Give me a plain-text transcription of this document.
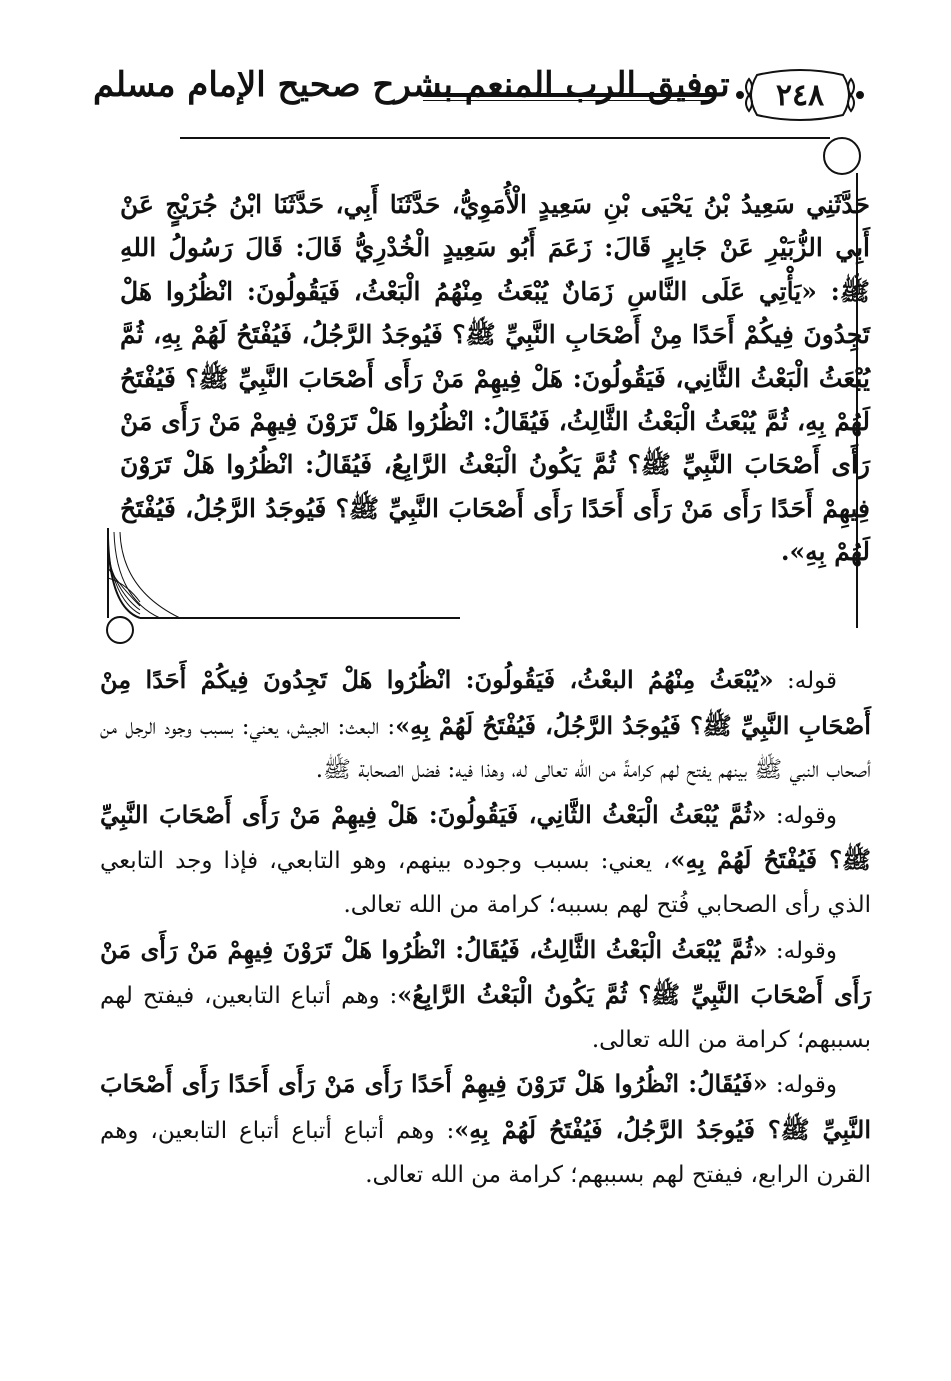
توفيق الرب المنعم بشرح صحيح الإمام مسلم ٢٤٨
حَدَّثَنِي سَعِيدُ بْنُ يَحْيَى بْنِ سَعِيدٍ الْأُمَوِيُّ، حَدَّثَنَا أَبِي، حَدَّثَنَا ابْنُ جُرَيْجٍ عَنْ أَبِي الزُّبَيْرِ عَنْ جَابِرٍ قَالَ: زَعَمَ أَبُو سَعِيدٍ الْخُدْرِيُّ قَالَ: قَالَ رَسُولُ اللهِ ﷺ: «يَأْتِي عَلَى النَّاسِ زَمَانٌ يُبْعَثُ مِنْهُمُ الْبَعْثُ، فَيَقُولُونَ: انْظُرُوا هَلْ تَجِدُونَ فِيكُمْ أَحَدًا مِنْ أَصْحَابِ النَّبِيِّ ﷺ؟ فَيُوجَدُ الرَّجُلُ، فَيُفْتَحُ لَهُمْ بِهِ، ثُمَّ يُبْعَثُ الْبَعْثُ الثَّانِي، فَيَقُولُونَ: هَلْ فِيهِمْ مَنْ رَأَى أَصْحَابَ النَّبِيِّ ﷺ؟ فَيُفْتَحُ لَهُمْ بِهِ، ثُمَّ يُبْعَثُ الْبَعْثُ الثَّالِثُ، فَيُقَالُ: انْظُرُوا هَلْ تَرَوْنَ فِيهِمْ مَنْ رَأَى مَنْ رَأَى أَصْحَابَ النَّبِيِّ ﷺ؟ ثُمَّ يَكُونُ الْبَعْثُ الرَّابِعُ، فَيُقَالُ: انْظُرُوا هَلْ تَرَوْنَ فِيهِمْ أَحَدًا رَأَى مَنْ رَأَى أَحَدًا رَأَى أَصْحَابَ النَّبِيِّ ﷺ؟ فَيُوجَدُ الرَّجُلُ، فَيُفْتَحُ لَهُمْ بِهِ».

قوله: «يُبْعَثُ مِنْهُمُ البعْثُ، فَيَقُولُونَ: انْظُرُوا هَلْ تَجِدُونَ فِيكُمْ أَحَدًا مِنْ أَصْحَابِ النَّبِيِّ ﷺ؟ فَيُوجَدُ الرَّجُلُ، فَيُفْتَحُ لَهُمْ بِهِ»: البعث: الجيش، يعني: بسبب وجود الرجل من أصحاب النبي ﷺ بينهم يفتح لهم كرامةً من الله تعالى له، وهذا فيه: فضل الصحابة ﷺ.

وقوله: «ثُمَّ يُبْعَثُ الْبَعْثُ الثَّانِي، فَيَقُولُونَ: هَلْ فِيهِمْ مَنْ رَأَى أَصْحَابَ النَّبِيِّ ﷺ؟ فَيُفْتَحُ لَهُمْ بِهِ»، يعني: بسبب وجوده بينهم، وهو التابعي، فإذا وجد التابعي الذي رأى الصحابي فُتح لهم بسببه؛ كرامة من الله تعالى.

وقوله: «ثُمَّ يُبْعَثُ الْبَعْثُ الثَّالِثُ، فَيُقَالُ: انْظُرُوا هَلْ تَرَوْنَ فِيهِمْ مَنْ رَأَى مَنْ رَأَى أَصْحَابَ النَّبِيِّ ﷺ؟ ثُمَّ يَكُونُ الْبَعْثُ الرَّابِعُ»: وهم أتباع التابعين، فيفتح لهم بسببهم؛ كرامة من الله تعالى.

وقوله: «فَيُقَالُ: انْظُرُوا هَلْ تَرَوْنَ فِيهِمْ أَحَدًا رَأَى مَنْ رَأَى أَحَدًا رَأَى أَصْحَابَ النَّبِيِّ ﷺ؟ فَيُوجَدُ الرَّجُلُ، فَيُفْتَحُ لَهُمْ بِهِ»: وهم أتباع أتباع أتباع التابعين، وهم القرن الرابع، فيفتح لهم بسببهم؛ كرامة من الله تعالى.
